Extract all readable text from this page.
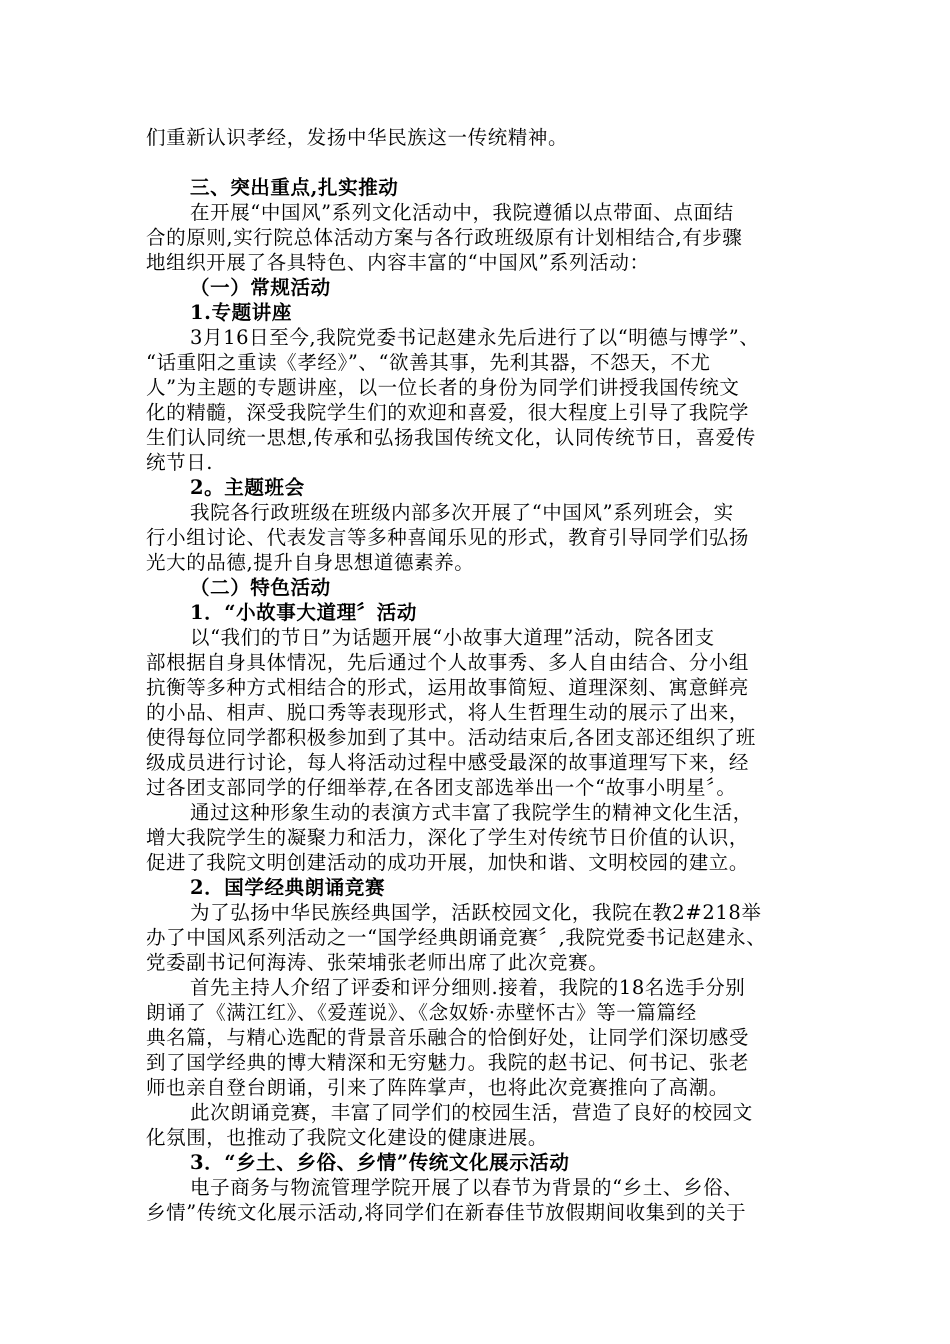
们重新认识孝经，发扬中华民族这一传统精神。

三、突出重点,扎实推动

在开展“中国风”系列文化活动中，我院遵循以点带面、点面结

合的原则,实行院总体活动方案与各行政班级原有计划相结合,有步骤

地组织开展了各具特色、内容丰富的“中国风”系列活动：

（一）常规活动

1.专题讲座

3月16日至今,我院党委书记赵建永先后进行了以“明德与博学”、

“话重阳之重读《孝经》”、“欲善其事，先利其器，不怨天，不尤

人”为主题的专题讲座，以一位长者的身份为同学们讲授我国传统文

化的精髓，深受我院学生们的欢迎和喜爱，很大程度上引导了我院学

生们认同统一思想,传承和弘扬我国传统文化，认同传统节日，喜爱传

统节日.

2。主题班会

我院各行政班级在班级内部多次开展了“中国风”系列班会，实

行小组讨论、代表发言等多种喜闻乐见的形式，教育引导同学们弘扬

光大的品德,提升自身思想道德素养。

（二）特色活动

1．“小故事大道理〞活动

以“我们的节日”为话题开展“小故事大道理”活动，院各团支

部根据自身具体情况，先后通过个人故事秀、多人自由结合、分小组

抗衡等多种方式相结合的形式，运用故事简短、道理深刻、寓意鲜亮

的小品、相声、脱口秀等表现形式，将人生哲理生动的展示了出来，

使得每位同学都积极参加到了其中。活动结束后,各团支部还组织了班

级成员进行讨论，每人将活动过程中感受最深的故事道理写下来，经

过各团支部同学的仔细举荐,在各团支部选举出一个“故事小明星〞。

通过这种形象生动的表演方式丰富了我院学生的精神文化生活，

增大我院学生的凝聚力和活力，深化了学生对传统节日价值的认识，

促进了我院文明创建活动的成功开展，加快和谐、文明校园的建立。

2．国学经典朗诵竞赛

为了弘扬中华民族经典国学，活跃校园文化，我院在教2#218举

办了中国风系列活动之一“国学经典朗诵竞赛〞,我院党委书记赵建永、

党委副书记何海涛、张荣埔张老师出席了此次竞赛。

首先主持人介绍了评委和评分细则.接着，我院的18名选手分别

朗诵了《满江红》、《爱莲说》、《念奴娇·赤壁怀古》等一篇篇经

典名篇，与精心选配的背景音乐融合的恰倒好处，让同学们深切感受

到了国学经典的博大精深和无穷魅力。我院的赵书记、何书记、张老

师也亲自登台朗诵，引来了阵阵掌声，也将此次竞赛推向了高潮。

此次朗诵竞赛，丰富了同学们的校园生活，营造了良好的校园文

化氛围，也推动了我院文化建设的健康进展。

3．“乡土、乡俗、乡情”传统文化展示活动

电子商务与物流管理学院开展了以春节为背景的“乡土、乡俗、

乡情”传统文化展示活动,将同学们在新春佳节放假期间收集到的关于
